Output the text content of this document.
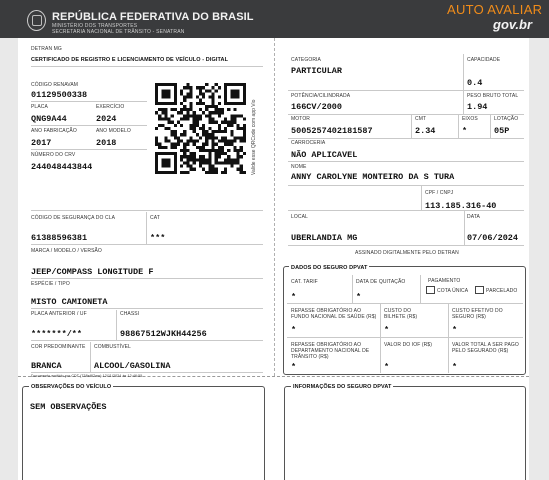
REPÚBLICA FEDERATIVA DO BRASIL
MINISTÉRIO DOS TRANSPORTES
SECRETARIA NACIONAL DE TRÂNSITO - SENATRAN
AUTO AVALIAR
gov.br
DETRAN MG
CERTIFICADO DE REGISTRO E LICENCIAMENTO DE VEÍCULO - DIGITAL
CÓDIGO RENAVAM
01129500338
PLACA
QNG9A44
EXERCÍCIO
2024
ANO FABRICAÇÃO
2017
ANO MODELO
2018
NÚMERO DO CRV
244048443844	Valide esse QRCode com app Vio
CÓDIGO DE SEGURANÇA DO CLA
61388596381
CAT
***
MARCA / MODELO / VERSÃO
JEEP/COMPASS LONGITUDE F
ESPÉCIE / TIPO
MISTO CAMIONETA
PLACA ANTERIOR / UF
*******/**
CHASSI
98867512WJKH44256
COR PREDOMINANTE
BRANCA
COMBUSTÍVEL
ALCOOL/GASOLINA
Documento emitido por CDT (738ef87am) 12/11/2024 às 12:46:55.
CATEGORIA
PARTICULAR
CAPACIDADE
0.4
POTÊNCIA/CILINDRADA
166CV/2000
PESO BRUTO TOTAL
1.94
MOTOR
5005257402181587
CMT
2.34
EIXOS
*
LOTAÇÃO
05P
CARROCERIA
NÃO APLICAVEL
NOME
ANNY CAROLYNE MONTEIRO DA S TURA
CPF / CNPJ
113.185.316-40
LOCAL
UBERLANDIA MG
DATA
07/06/2024
ASSINADO DIGITALMENTE PELO DETRAN
DADOS DO SEGURO DPVAT
CAT. TARIF
*
DATA DE QUITAÇÃO
*
PAGAMENTO
COTA ÚNICA	PARCELADO
REPASSE OBRIGATÓRIO AO FUNDO NACIONAL DE SAÚDE (R$)
*
CUSTO DO BILHETE (R$)
*
CUSTO EFETIVO DO SEGURO (R$)
*
REPASSE OBRIGATÓRIO AO DEPARTAMENTO NACIONAL DE TRÂNSITO (R$)
*
VALOR DO IOF (R$)
*
VALOR TOTAL A SER PAGO PELO SEGURADO (R$)
*
OBSERVAÇÕES DO VEÍCULO
SEM OBSERVAÇÕES
INFORMAÇÕES DO SEGURO DPVAT
